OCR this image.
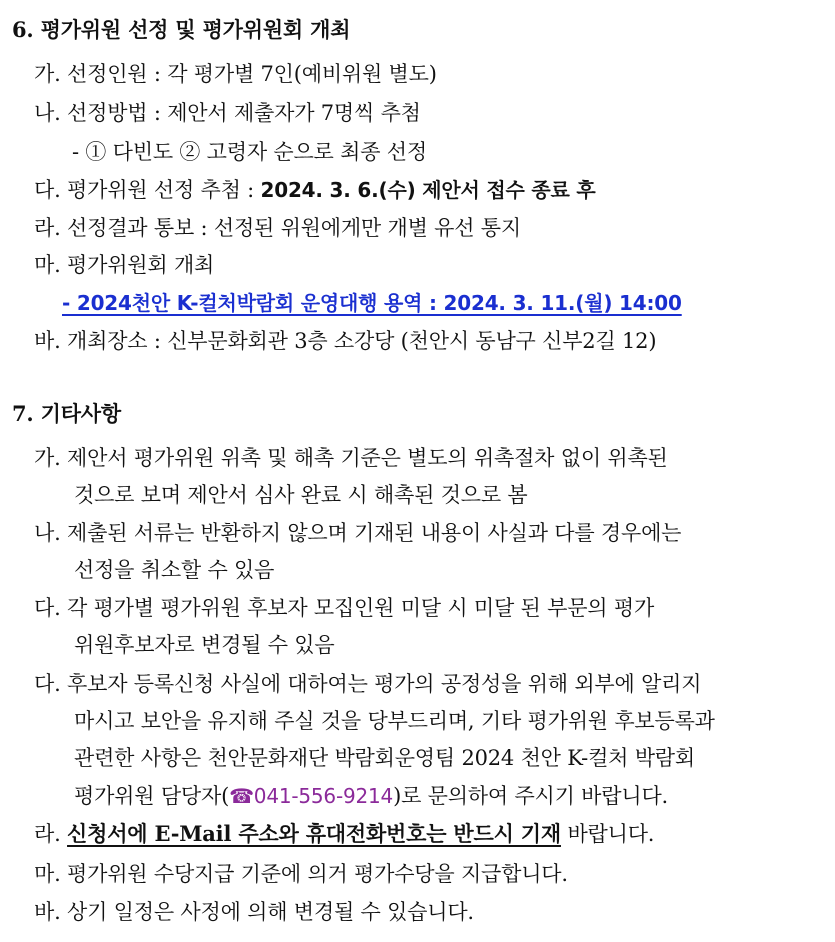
6. 평가위원 선정 및 평가위원회 개최
가. 선정인원 : 각 평가별 7인(예비위원 별도)
나. 선정방법 : 제안서 제출자가 7명씩 추첨
- ① 다빈도 ② 고령자 순으로 최종 선정
다. 평가위원 선정 추첨 : 2024. 3. 6.(수) 제안서 접수 종료 후
라. 선정결과 통보 : 선정된 위원에게만 개별 유선 통지
마. 평가위원회 개최
- 2024천안 K-컬처박람회 운영대행 용역 : 2024. 3. 11.(월) 14:00
바. 개최장소 : 신부문화회관 3층 소강당 (천안시 동남구 신부2길 12)
7. 기타사항
가. 제안서 평가위원 위촉 및 해촉 기준은 별도의 위촉절차 없이 위촉된
것으로 보며 제안서 심사 완료 시 해촉된 것으로 봄
나. 제출된 서류는 반환하지 않으며 기재된 내용이 사실과 다를 경우에는
선정을 취소할 수 있음
다. 각 평가별 평가위원 후보자 모집인원 미달 시 미달 된 부문의 평가
위원후보자로 변경될 수 있음
다. 후보자 등록신청 사실에 대하여는 평가의 공정성을 위해 외부에 알리지
마시고 보안을 유지해 주실 것을 당부드리며, 기타 평가위원 후보등록과
관련한 사항은 천안문화재단 박람회운영팀 2024 천안 K-컬처 박람회
평가위원 담당자(☎041-556-9214)로 문의하여 주시기 바랍니다.
라. 신청서에 E-Mail 주소와 휴대전화번호는 반드시 기재 바랍니다.
마. 평가위원 수당지급 기준에 의거 평가수당을 지급합니다.
바. 상기 일정은 사정에 의해 변경될 수 있습니다.
